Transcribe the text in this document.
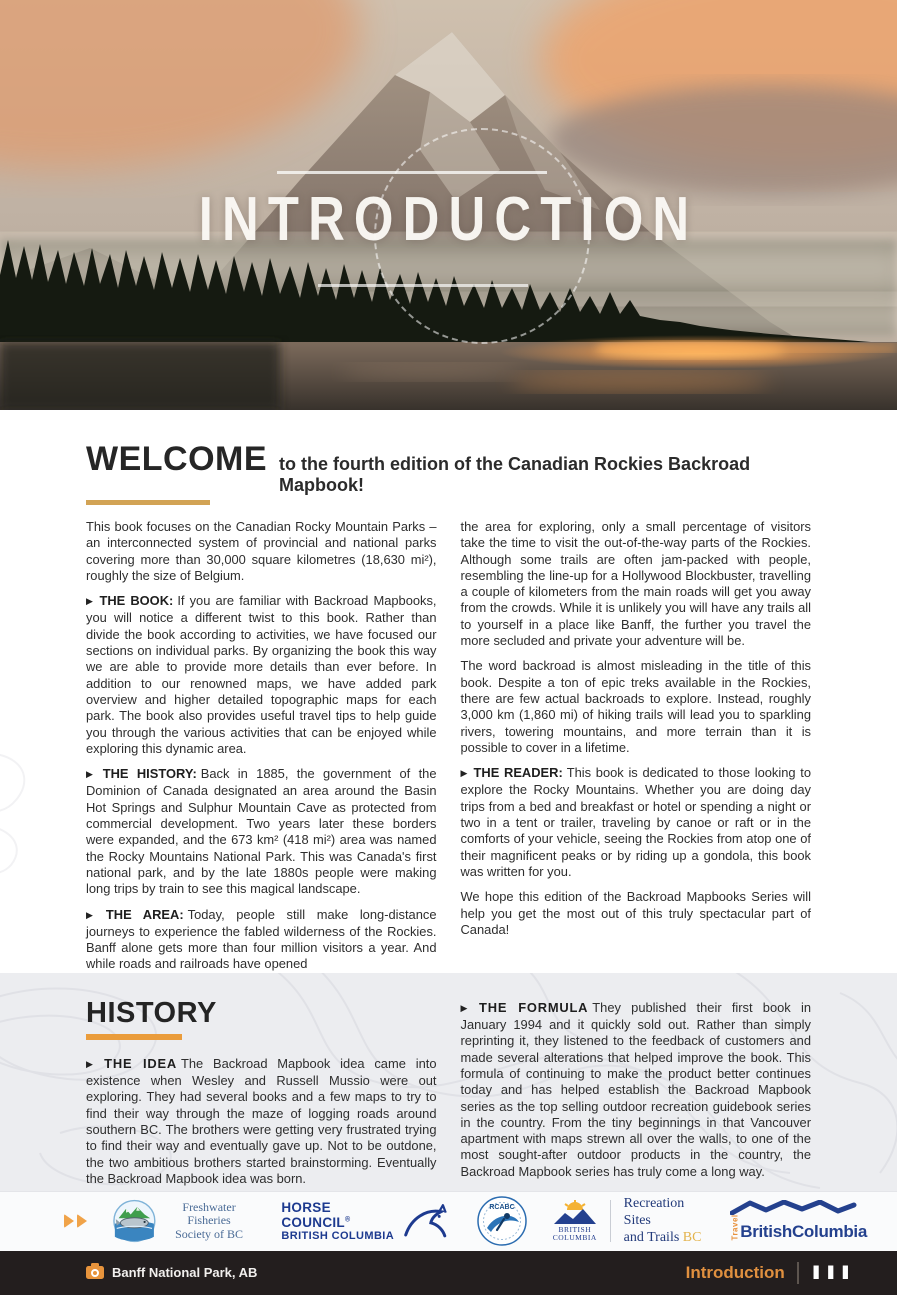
INTRODUCTION
WELCOME to the fourth edition of the Canadian Rockies Backroad Mapbook!

This book focuses on the Canadian Rocky Mountain Parks – an interconnected system of provincial and national parks covering more than 30,000 square kilometres (18,630 mi²), roughly the size of Belgium.

▶ THE BOOK: If you are familiar with Backroad Mapbooks, you will notice a different twist to this book. Rather than divide the book according to activities, we have focused our sections on individual parks. By organizing the book this way we are able to provide more details than ever before. In addition to our renowned maps, we have added park overview and higher detailed topographic maps for each park. The book also provides useful travel tips to help guide you through the various activities that can be enjoyed while exploring this dynamic area.

▶ THE HISTORY: Back in 1885, the government of the Dominion of Canada designated an area around the Basin Hot Springs and Sulphur Mountain Cave as protected from commercial development. Two years later these borders were expanded, and the 673 km² (418 mi²) area was named the Rocky Mountains National Park. This was Canada's first national park, and by the late 1880s people were making long trips by train to see this magical landscape.

▶ THE AREA: Today, people still make long-distance journeys to experience the fabled wilderness of the Rockies. Banff alone gets more than four million visitors a year. And while roads and railroads have opened

the area for exploring, only a small percentage of visitors take the time to visit the out-of-the-way parts of the Rockies. Although some trails are often jam-packed with people, resembling the line-up for a Hollywood Blockbuster, travelling a couple of kilometers from the main roads will get you away from the crowds. While it is unlikely you will have any trails all to yourself in a place like Banff, the further you travel the more secluded and private your adventure will be.

The word backroad is almost misleading in the title of this book. Despite a ton of epic treks available in the Rockies, there are few actual backroads to explore. Instead, roughly 3,000 km (1,860 mi) of hiking trails will lead you to sparkling rivers, towering mountains, and more terrain than it is possible to cover in a lifetime.

▶ THE READER: This book is dedicated to those looking to explore the Rocky Mountains. Whether you are doing day trips from a bed and breakfast or hotel or spending a night or two in a tent or trailer, traveling by canoe or raft or in the comforts of your vehicle, seeing the Rockies from atop one of their magnificent peaks or by riding up a gondola, this book was written for you.

We hope this edition of the Backroad Mapbooks Series will help you get the most out of this truly spectacular part of Canada!

HISTORY

▶ THE IDEA The Backroad Mapbook idea came into existence when Wesley and Russell Mussio were out exploring. They had several books and a few maps to try to find their way through the maze of logging roads around southern BC. The brothers were getting very frustrated trying to find their way and eventually gave up. Not to be outdone, the two ambitious brothers started brainstorming. Eventually the Backroad Mapbook idea was born.

▶ THE FORMULA They published their first book in January 1994 and it quickly sold out. Rather than simply reprinting it, they listened to the feedback of customers and made several alterations that helped improve the book. This formula of continuing to make the product better continues today and has helped establish the Backroad Mapbook series as the top selling outdoor recreation guidebook series in the country. From the tiny beginnings in that Vancouver apartment with maps strewn all over the walls, to one of the most sought-after outdoor products in the country, the Backroad Mapbook series has truly come a long way.

Freshwater Fisheries
Society of BC
HORSE COUNCIL®
BRITISH COLUMBIA
RCABC
BRITISH
COLUMBIA
Recreation Sites
and Trails BC	Travel BritishColumbia
Banff National Park, AB	Introduction III
